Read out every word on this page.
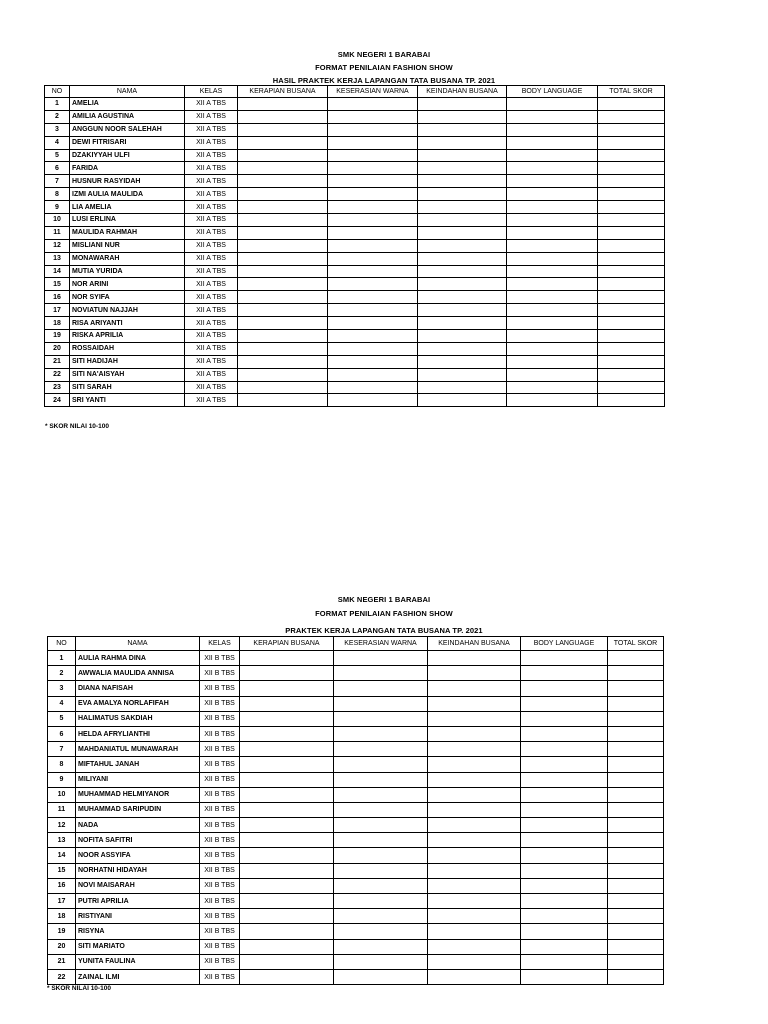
SMK NEGERI 1 BARABAI
FORMAT PENILAIAN FASHION SHOW
HASIL PRAKTEK KERJA LAPANGAN TATA BUSANA TP. 2021
NO	NAMA	KELAS	KERAPIAN BUSANA	KESERASIAN WARNA	KEINDAHAN BUSANA	BODY LANGUAGE	TOTAL SKOR
1	AMELIA	XII A TBS					
2	AMILIA AGUSTINA	XII A TBS					
3	ANGGUN NOOR SALEHAH	XII A TBS					
4	DEWI FITRISARI	XII A TBS					
5	DZAKIYYAH ULFI	XII A TBS					
6	FARIDA	XII A TBS					
7	HUSNUR RASYIDAH	XII A TBS					
8	IZMI AULIA MAULIDA	XII A TBS					
9	LIA AMELIA	XII A TBS					
10	LUSI ERLINA	XII A TBS					
11	MAULIDA RAHMAH	XII A TBS					
12	MISLIANI NUR	XII A TBS					
13	MONAWARAH	XII A TBS					
14	MUTIA YURIDA	XII A TBS					
15	NOR ARINI	XII A TBS					
16	NOR SYIFA	XII A TBS					
17	NOVIATUN NAJJAH	XII A TBS					
18	RISA ARIYANTI	XII A TBS					
19	RISKA APRILIA	XII A TBS					
20	ROSSAIDAH	XII A TBS					
21	SITI HADIJAH	XII A TBS					
22	SITI NA'AISYAH	XII A TBS					
23	SITI SARAH	XII A TBS					
24	SRI YANTI	XII A TBS					
* SKOR NILAI 10-100
SMK NEGERI 1 BARABAI
FORMAT PENILAIAN FASHION SHOW
PRAKTEK KERJA LAPANGAN TATA BUSANA TP. 2021
NO	NAMA	KELAS	KERAPIAN BUSANA	KESERASIAN WARNA	KEINDAHAN BUSANA	BODY LANGUAGE	TOTAL SKOR
1	AULIA RAHMA DINA	XII B TBS					
2	AWWALIA MAULIDA ANNISA	XII B TBS					
3	DIANA NAFISAH	XII B TBS					
4	EVA AMALYA NORLAFIFAH	XII B TBS					
5	HALIMATUS SAKDIAH	XII B TBS					
6	HELDA AFRYLIANTHI	XII B TBS					
7	MAHDANIATUL MUNAWARAH	XII B TBS					
8	MIFTAHUL JANAH	XII B TBS					
9	MILIYANI	XII B TBS					
10	MUHAMMAD HELMIYANOR	XII B TBS					
11	MUHAMMAD SARIPUDIN	XII B TBS					
12	NADA	XII B TBS					
13	NOFITA SAFITRI	XII B TBS					
14	NOOR ASSYIFA	XII B TBS					
15	NORHATNI HIDAYAH	XII B TBS					
16	NOVI MAISARAH	XII B TBS					
17	PUTRI APRILIA	XII B TBS					
18	RISTIYANI	XII B TBS					
19	RISYNA	XII B TBS					
20	SITI MARIATO	XII B TBS					
21	YUNITA FAULINA	XII B TBS					
22	ZAINAL ILMI	XII B TBS					
* SKOR NILAI 10-100
